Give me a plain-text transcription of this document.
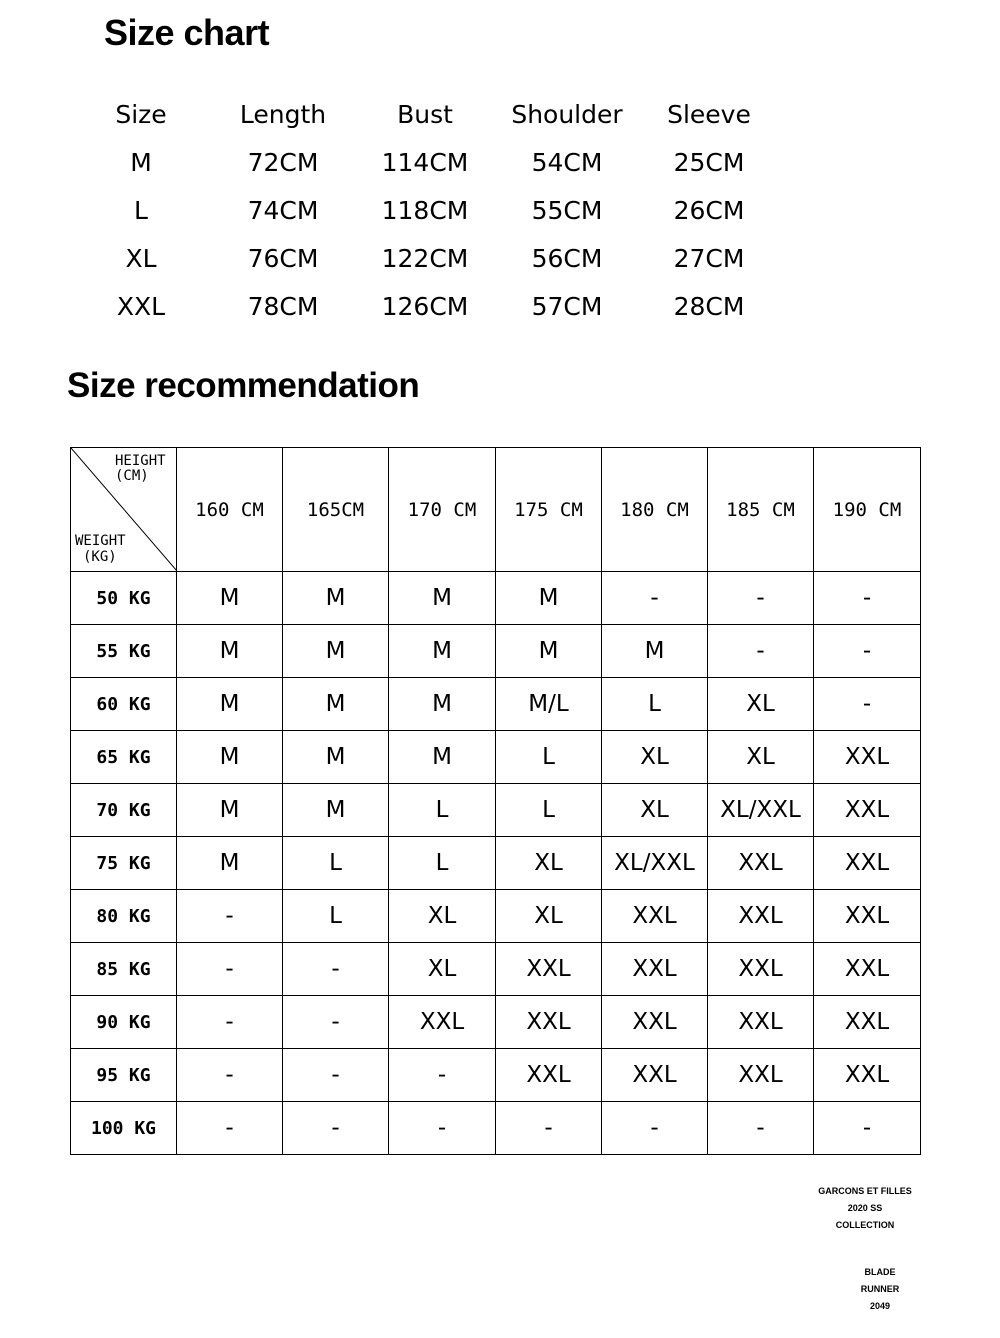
Size chart
Size	Length	Bust	Shoulder	Sleeve
M	72CM	114CM	54CM	25CM
L	74CM	118CM	55CM	26CM
XL	76CM	122CM	56CM	27CM
XXL	78CM	126CM	57CM	28CM
Size recommendation
HEIGHT
(CM)
WEIGHT
(KG)	160 CM	165CM	170 CM	175 CM	180 CM	185 CM	190 CM
50 KG	M	M	M	M	-	-	-
55 KG	M	M	M	M	M	-	-
60 KG	M	M	M	M/L	L	XL	-
65 KG	M	M	M	L	XL	XL	XXL
70 KG	M	M	L	L	XL	XL/XXL	XXL
75 KG	M	L	L	XL	XL/XXL	XXL	XXL
80 KG	-	L	XL	XL	XXL	XXL	XXL
85 KG	-	-	XL	XXL	XXL	XXL	XXL
90 KG	-	-	XXL	XXL	XXL	XXL	XXL
95 KG	-	-	-	XXL	XXL	XXL	XXL
100 KG	-	-	-	-	-	-	-
GARCONS ET FILLES
2020 SS
COLLECTION
BLADE
RUNNER
2049
